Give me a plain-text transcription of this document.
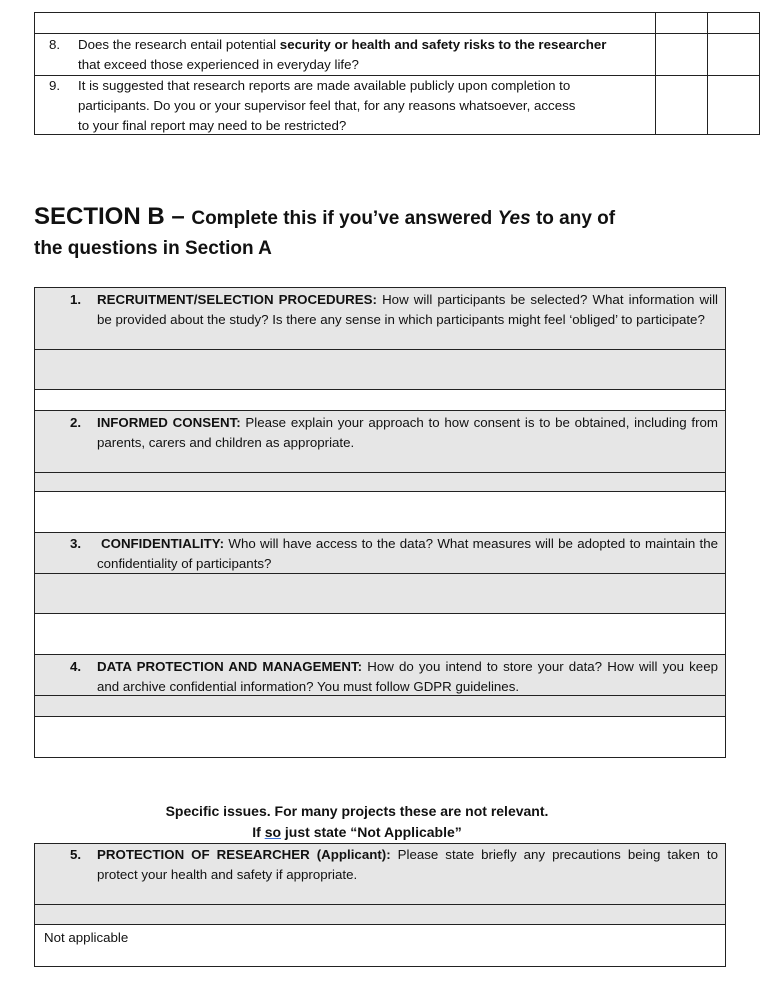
8. Does the research entail potential security or health and safety risks to the researcher that exceed those experienced in everyday life?
9. It is suggested that research reports are made available publicly upon completion to
participants. Do you or your supervisor feel that, for any reasons whatsoever, access
to your final report may need to be restricted?
SECTION B – Complete this if you’ve answered Yes to any of
the questions in Section A
1. RECRUITMENT/SELECTION PROCEDURES: How will participants be selected? What information will be provided about the study? Is there any sense in which participants might feel ‘obliged’ to participate?
2. INFORMED CONSENT: Please explain your approach to how consent is to be obtained, including from parents, carers and children as appropriate.
3.	CONFIDENTIALITY: Who will have access to the data? What measures will be adopted to maintain the confidentiality of participants?
4. DATA PROTECTION AND MANAGEMENT: How do you intend to store your data? How will you keep and archive confidential information? You must follow GDPR guidelines.
Specific issues. For many projects these are not relevant.
If so just state “Not Applicable”
5. PROTECTION OF RESEARCHER (Applicant): Please state briefly any precautions being taken to protect your health and safety if appropriate.
Not applicable
